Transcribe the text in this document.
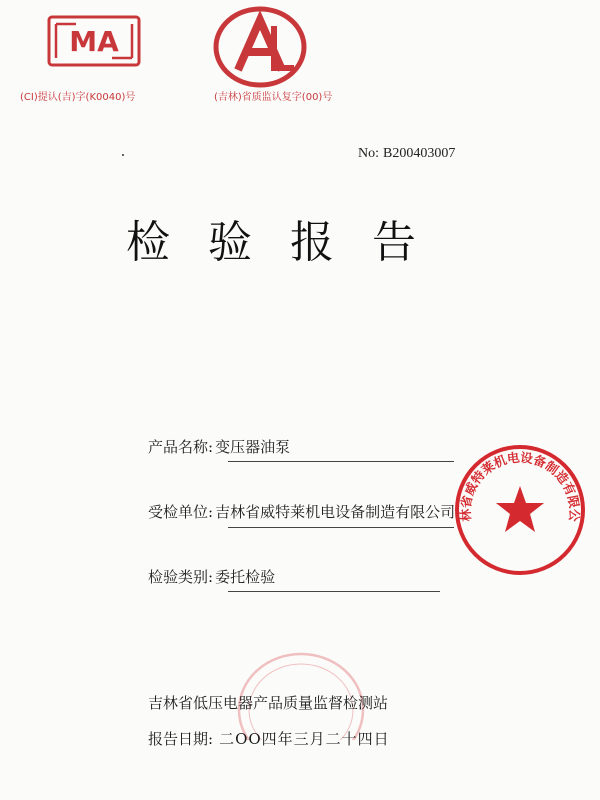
MA
(CI)提认(吉)字(K0040)号	(吉林)省质监认复字(00)号
No: B200403007
检验报告
产品名称: 变压器油泵
受检单位: 吉林省威特莱机电设备制造有限公司
检验类别: 委托检验
林省威特莱机电设备制造有限公
吉林省低压电器产品质量监督检测站
报告日期: 二OO四年三月二十四日
